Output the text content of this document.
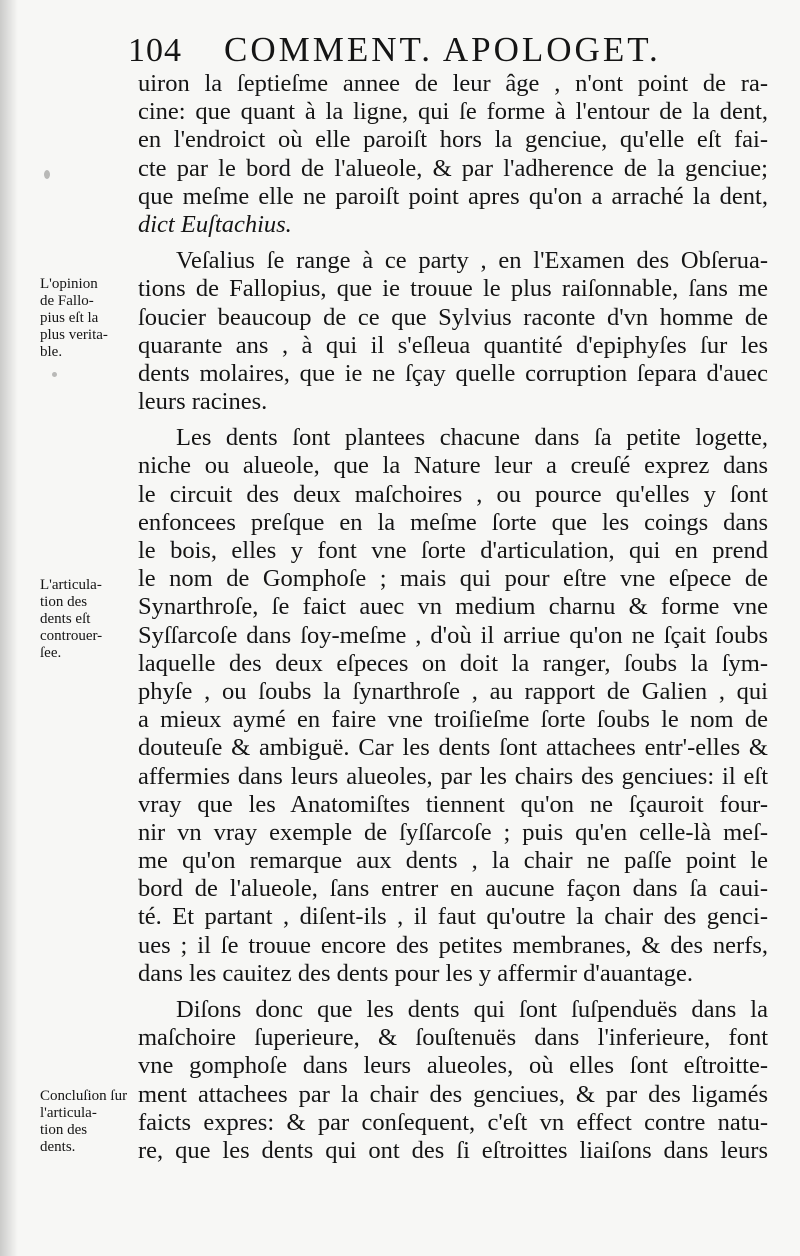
104 COMMENT. APOLOGET.
uiron la ſeptieſme annee de leur âge , n'ont point de ra-
cine: que quant à la ligne, qui ſe forme à l'entour de la dent,
en l'endroict où elle paroiſt hors la genciue, qu'elle eſt fai-
cte par le bord de l'alueole, & par l'adherence de la genciue;
que meſme elle ne paroiſt point apres qu'on a arraché la dent,
dict Euſtachius.
Veſalius ſe range à ce party , en l'Examen des Obſerua-
tions de Fallopius, que ie trouue le plus raiſonnable, ſans me
ſoucier beaucoup de ce que Sylvius raconte d'vn homme de
quarante ans , à qui il s'eſleua quantité d'epiphyſes ſur les
dents molaires, que ie ne ſçay quelle corruption ſepara d'auec
leurs racines.
Les dents ſont plantees chacune dans ſa petite logette,
niche ou alueole, que la Nature leur a creuſé exprez dans
le circuit des deux maſchoires , ou pource qu'elles y ſont
enfoncees preſque en la meſme ſorte que les coings dans
le bois, elles y font vne ſorte d'articulation, qui en prend
le nom de Gomphoſe ; mais qui pour eſtre vne eſpece de
Synarthroſe, ſe faict auec vn medium charnu & forme vne
Syſſarcoſe dans ſoy-meſme , d'où il arriue qu'on ne ſçait ſoubs
laquelle des deux eſpeces on doit la ranger, ſoubs la ſym-
phyſe , ou ſoubs la ſynarthroſe , au rapport de Galien , qui
a mieux aymé en faire vne troiſieſme ſorte ſoubs le nom de
douteuſe & ambiguë. Car les dents ſont attachees entr'-elles &
affermies dans leurs alueoles, par les chairs des genciues: il eſt
vray que les Anatomiſtes tiennent qu'on ne ſçauroit four-
nir vn vray exemple de ſyſſarcoſe ; puis qu'en celle-là meſ-
me qu'on remarque aux dents , la chair ne paſſe point le
bord de l'alueole, ſans entrer en aucune façon dans ſa caui-
té. Et partant , diſent-ils , il faut qu'outre la chair des genci-
ues ; il ſe trouue encore des petites membranes, & des nerfs,
dans les cauitez des dents pour les y affermir d'auantage.
Diſons donc que les dents qui ſont ſuſpenduës dans la
maſchoire ſuperieure, & ſouſtenuës dans l'inferieure, font
vne gomphoſe dans leurs alueoles, où elles ſont eſtroitte-
ment attachees par la chair des genciues, & par des ligamés
faicts expres: & par conſequent, c'eſt vn effect contre natu-
re, que les dents qui ont des ſi eſtroittes liaiſons dans leurs
L'opinion
de Fallo-
pius eſt la
plus verita-
ble.
L'articula-
tion des
dents eſt
controuer-
ſee.
Concluſion ſur
l'articula-
tion des
dents.
